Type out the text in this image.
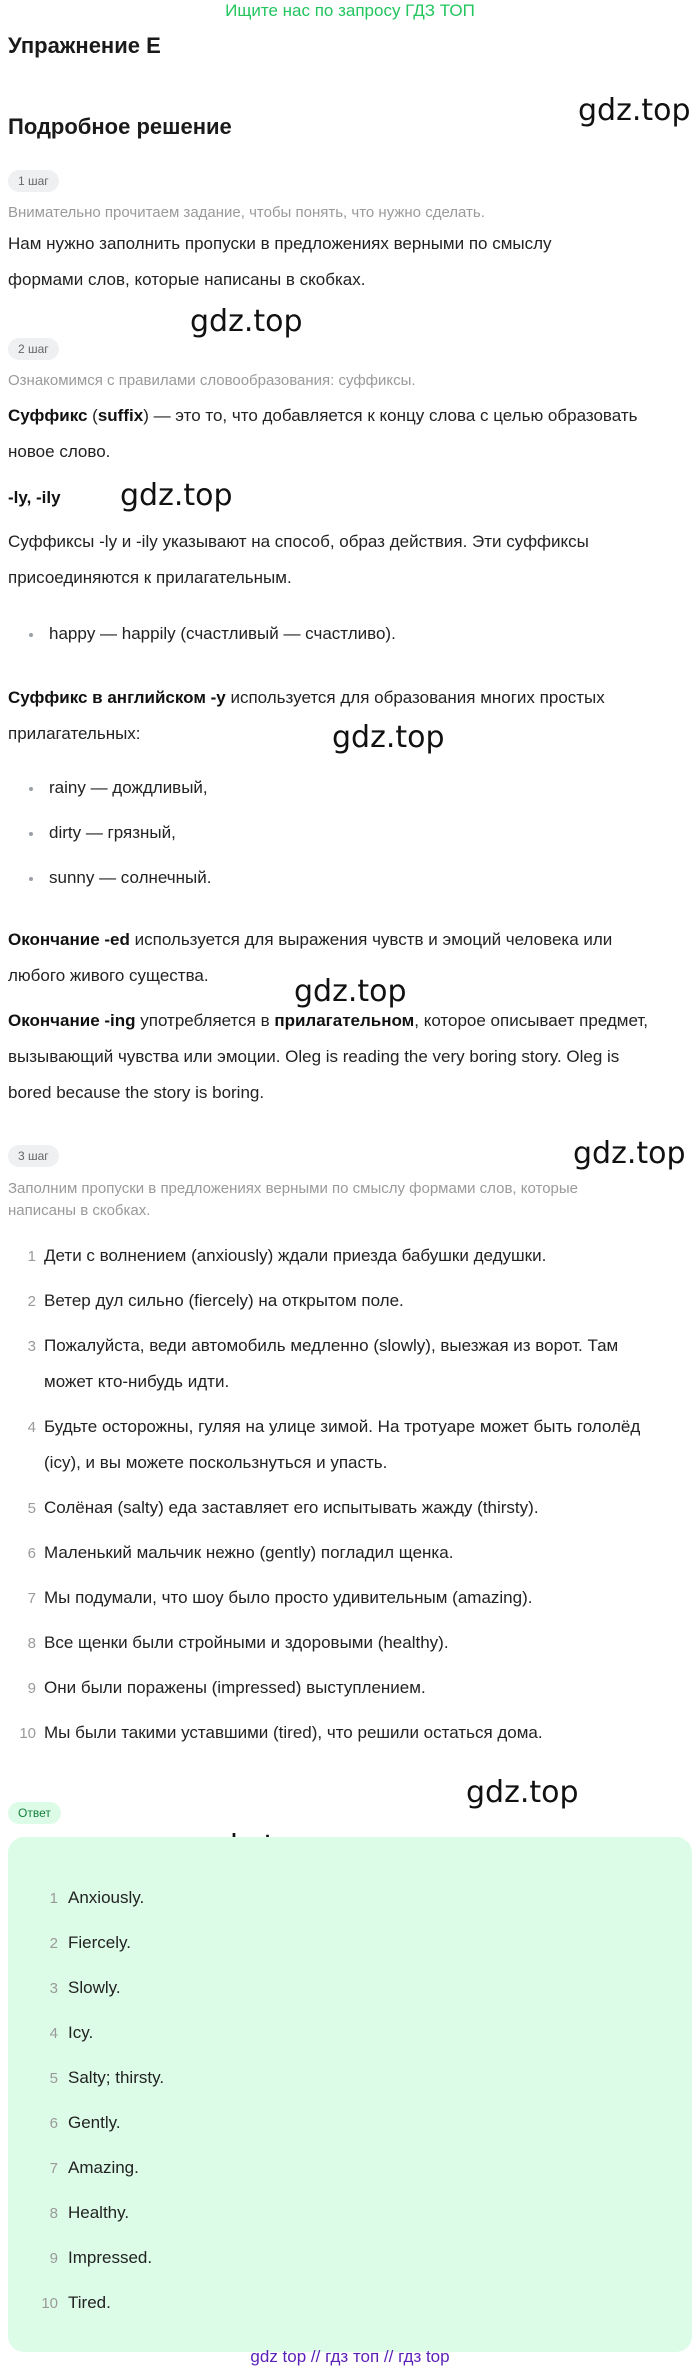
Ищите нас по запросу ГДЗ ТОП
Упражнение E
Подробное решение	gdz.top
gdz.top
gdz.top
gdz.top
gdz.top
gdz.top
gdz.top
1 шаг
Внимательно прочитаем задание, чтобы понять, что нужно сделать.
Нам нужно заполнить пропуски в предложениях верными по смыслу
формами слов, которые написаны в скобках.
2 шаг
Ознакомимся с правилами словообразования: суффиксы.
Суффикс (suffix) — это то, что добавляется к концу слова с целью образовать
новое слово.
-ly, -ily
Суффиксы -ly и -ily указывают на способ, образ действия. Эти суффиксы
присоединяются к прилагательным.
happy — happily (счастливый — счастливо).
Суффикс в английском -y используется для образования многих простых
прилагательных:
rainy — дождливый,
dirty — грязный,
sunny — солнечный.
Окончание -ed используется для выражения чувств и эмоций человека или
любого живого существа.
Окончание -ing употребляется в прилагательном, которое описывает предмет,
вызывающий чувства или эмоции. Oleg is reading the very boring story. Oleg is
bored because the story is boring.
3 шаг
Заполним пропуски в предложениях верными по смыслу формами слов, которые
написаны в скобках.
1 Дети с волнением (anxiously) ждали приезда бабушки дедушки.
2 Ветер дул сильно (fiercely) на открытом поле.
3 Пожалуйста, веди автомобиль медленно (slowly), выезжая из ворот. Там
может кто-нибудь идти.
4 Будьте осторожны, гуляя на улице зимой. На тротуаре может быть гололёд
(icy), и вы можете поскользнуться и упасть.
5 Солёная (salty) еда заставляет его испытывать жажду (thirsty).
6 Маленький мальчик нежно (gently) погладил щенка.
7 Мы подумали, что шоу было просто удивительным (amazing).
8 Все щенки были стройными и здоровыми (healthy).
9 Они были поражены (impressed) выступлением.
10 Мы были такими уставшими (tired), что решили остаться дома.
Ответ
1 Anxiously.
2 Fiercely.
3 Slowly.
4 Icy.
5 Salty; thirsty.
6 Gently.
7 Amazing.
8 Healthy.
9 Impressed.
10 Tired.
gdz top // гдз топ // гдз top
